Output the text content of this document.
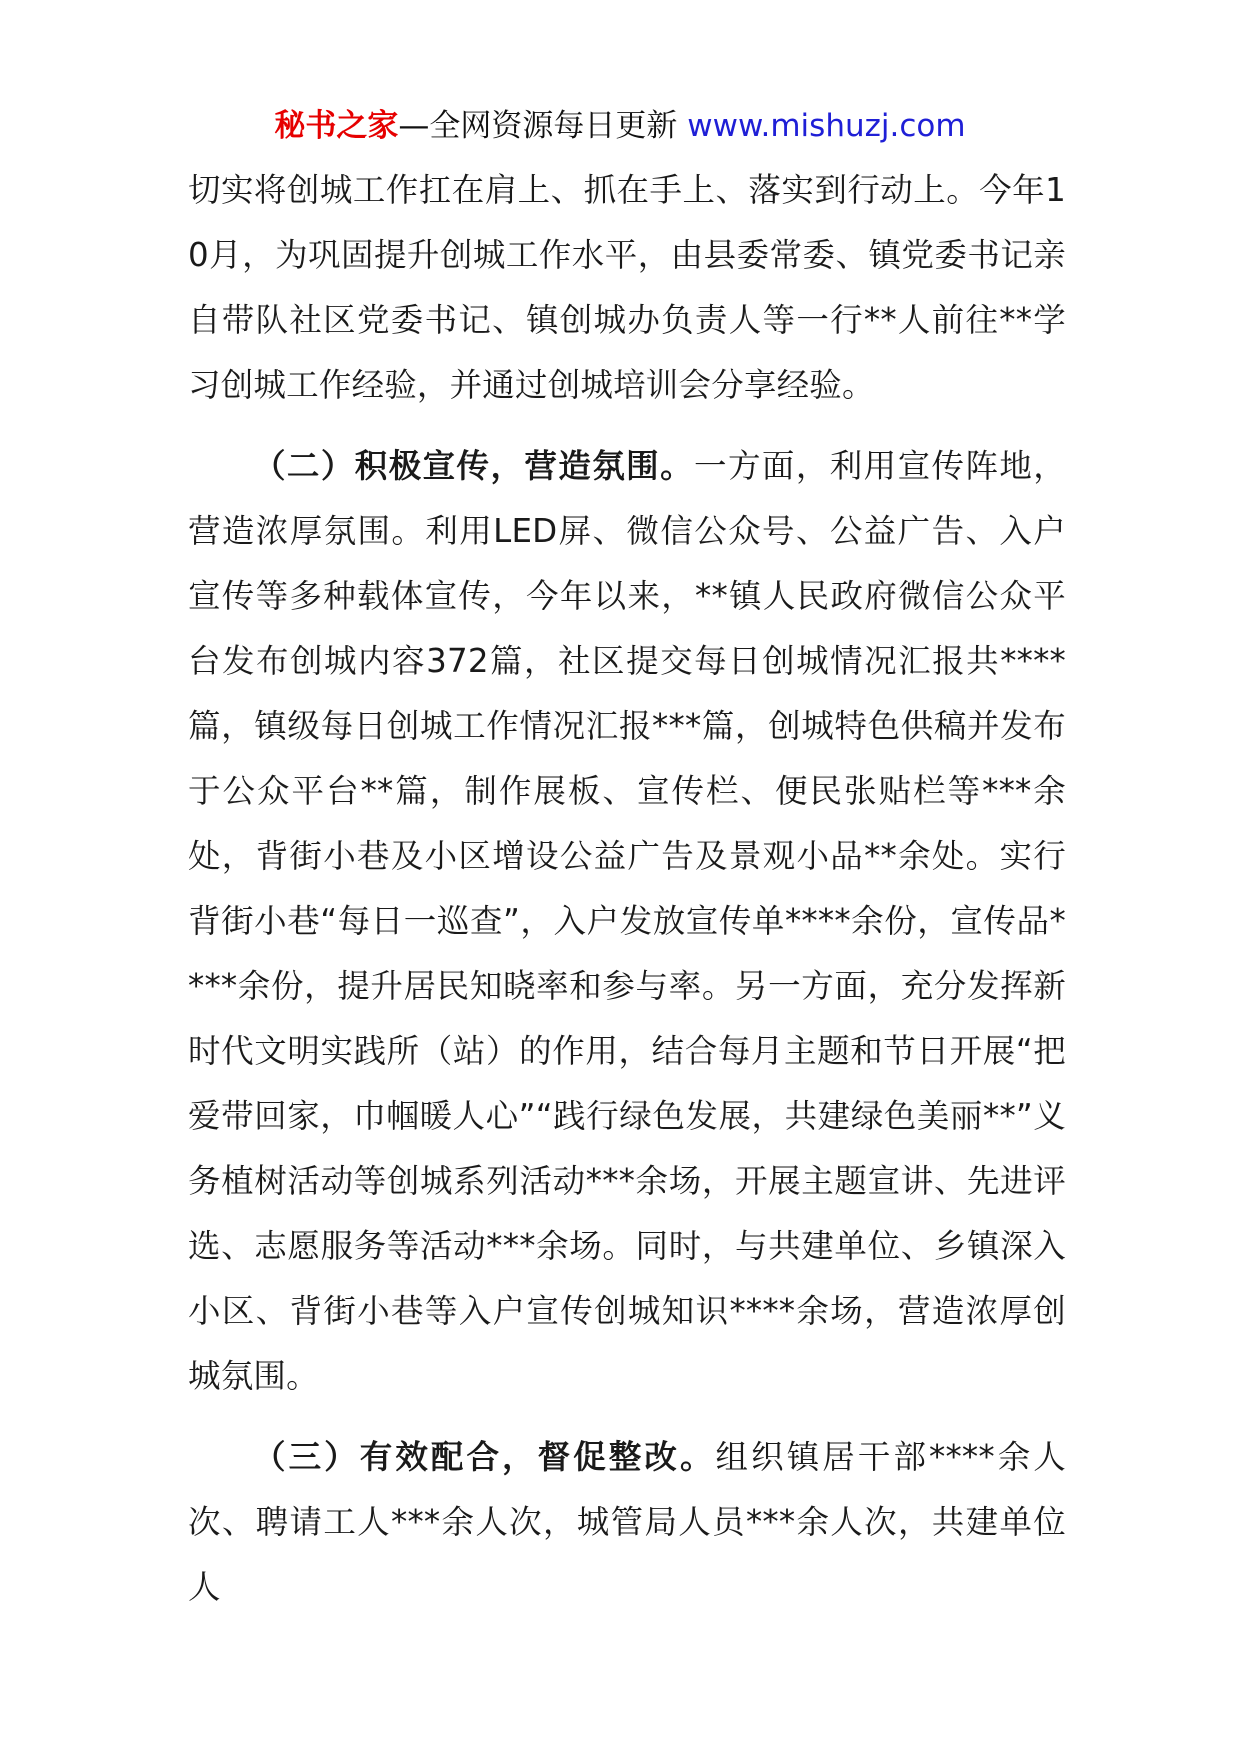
秘书之家—全网资源每日更新 www.mishuzj.com

切实将创城工作扛在肩上、抓在手上、落实到行动上。今年10月，为巩固提升创城工作水平，由县委常委、镇党委书记亲自带队社区党委书记、镇创城办负责人等一行**人前往**学习创城工作经验，并通过创城培训会分享经验。

（二）积极宣传，营造氛围。一方面，利用宣传阵地，营造浓厚氛围。利用LED屏、微信公众号、公益广告、入户宣传等多种载体宣传，今年以来，**镇人民政府微信公众平台发布创城内容372篇，社区提交每日创城情况汇报共****篇，镇级每日创城工作情况汇报***篇，创城特色供稿并发布于公众平台**篇，制作展板、宣传栏、便民张贴栏等***余处，背街小巷及小区增设公益广告及景观小品**余处。实行背街小巷“每日一巡查”，入户发放宣传单****余份，宣传品****余份，提升居民知晓率和参与率。另一方面，充分发挥新时代文明实践所（站）的作用，结合每月主题和节日开展“把爱带回家，巾帼暖人心”“践行绿色发展，共建绿色美丽**”义务植树活动等创城系列活动***余场，开展主题宣讲、先进评选、志愿服务等活动***余场。同时，与共建单位、乡镇深入小区、背街小巷等入户宣传创城知识****余场，营造浓厚创城氛围。

（三）有效配合，督促整改。组织镇居干部****余人次、聘请工人***余人次，城管局人员***余人次，共建单位人
